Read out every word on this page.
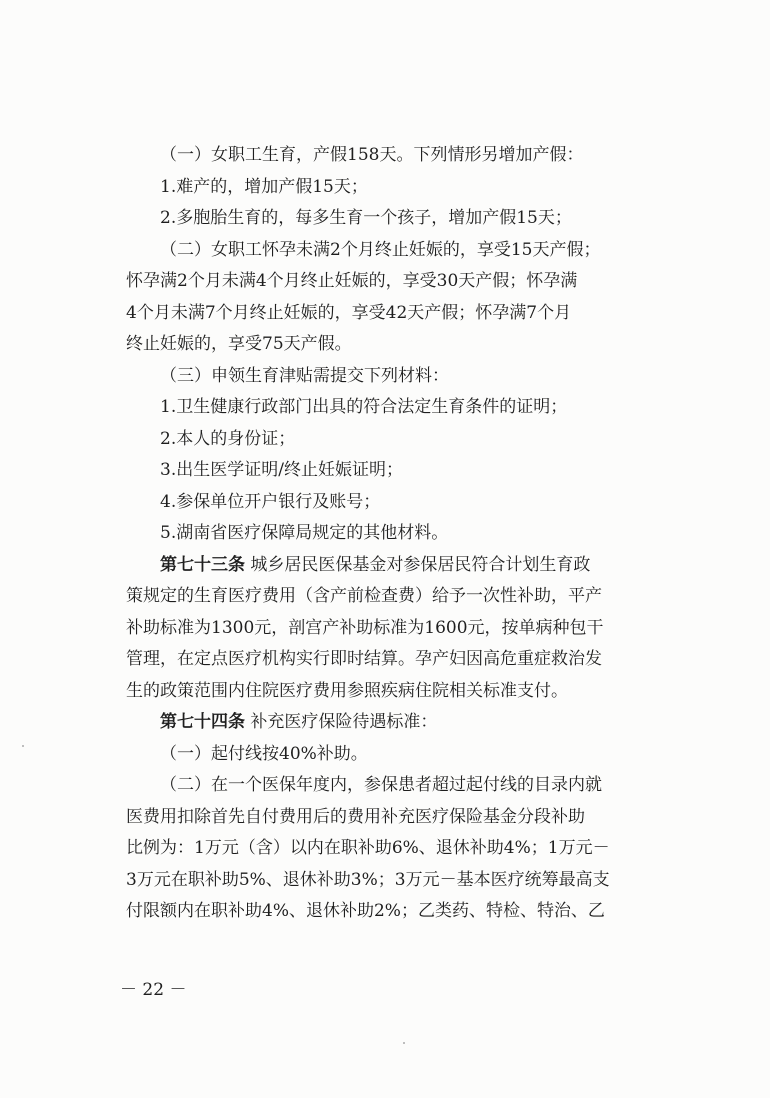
（一）女职工生育，产假158天。下列情形另增加产假：
1.难产的，增加产假15天；
2.多胞胎生育的，每多生育一个孩子，增加产假15天；
（二）女职工怀孕未满2个月终止妊娠的，享受15天产假；
怀孕满2个月未满4个月终止妊娠的，享受30天产假；怀孕满
4个月未满7个月终止妊娠的，享受42天产假；怀孕满7个月
终止妊娠的，享受75天产假。
（三）申领生育津贴需提交下列材料：
1.卫生健康行政部门出具的符合法定生育条件的证明；
2.本人的身份证；
3.出生医学证明/终止妊娠证明；
4.参保单位开户银行及账号；
5.湖南省医疗保障局规定的其他材料。
第七十三条 城乡居民医保基金对参保居民符合计划生育政
策规定的生育医疗费用（含产前检查费）给予一次性补助，平产
补助标准为1300元，剖宫产补助标准为1600元，按单病种包干
管理，在定点医疗机构实行即时结算。孕产妇因高危重症救治发
生的政策范围内住院医疗费用参照疾病住院相关标准支付。
第七十四条 补充医疗保险待遇标准：
（一）起付线按40%补助。
（二）在一个医保年度内，参保患者超过起付线的目录内就
医费用扣除首先自付费用后的费用补充医疗保险基金分段补助
比例为：1万元（含）以内在职补助6%、退休补助4%；1万元－
3万元在职补助5%、退休补助3%；3万元－基本医疗统筹最高支
付限额内在职补助4%、退休补助2%；乙类药、特检、特治、乙
－ 22 －
